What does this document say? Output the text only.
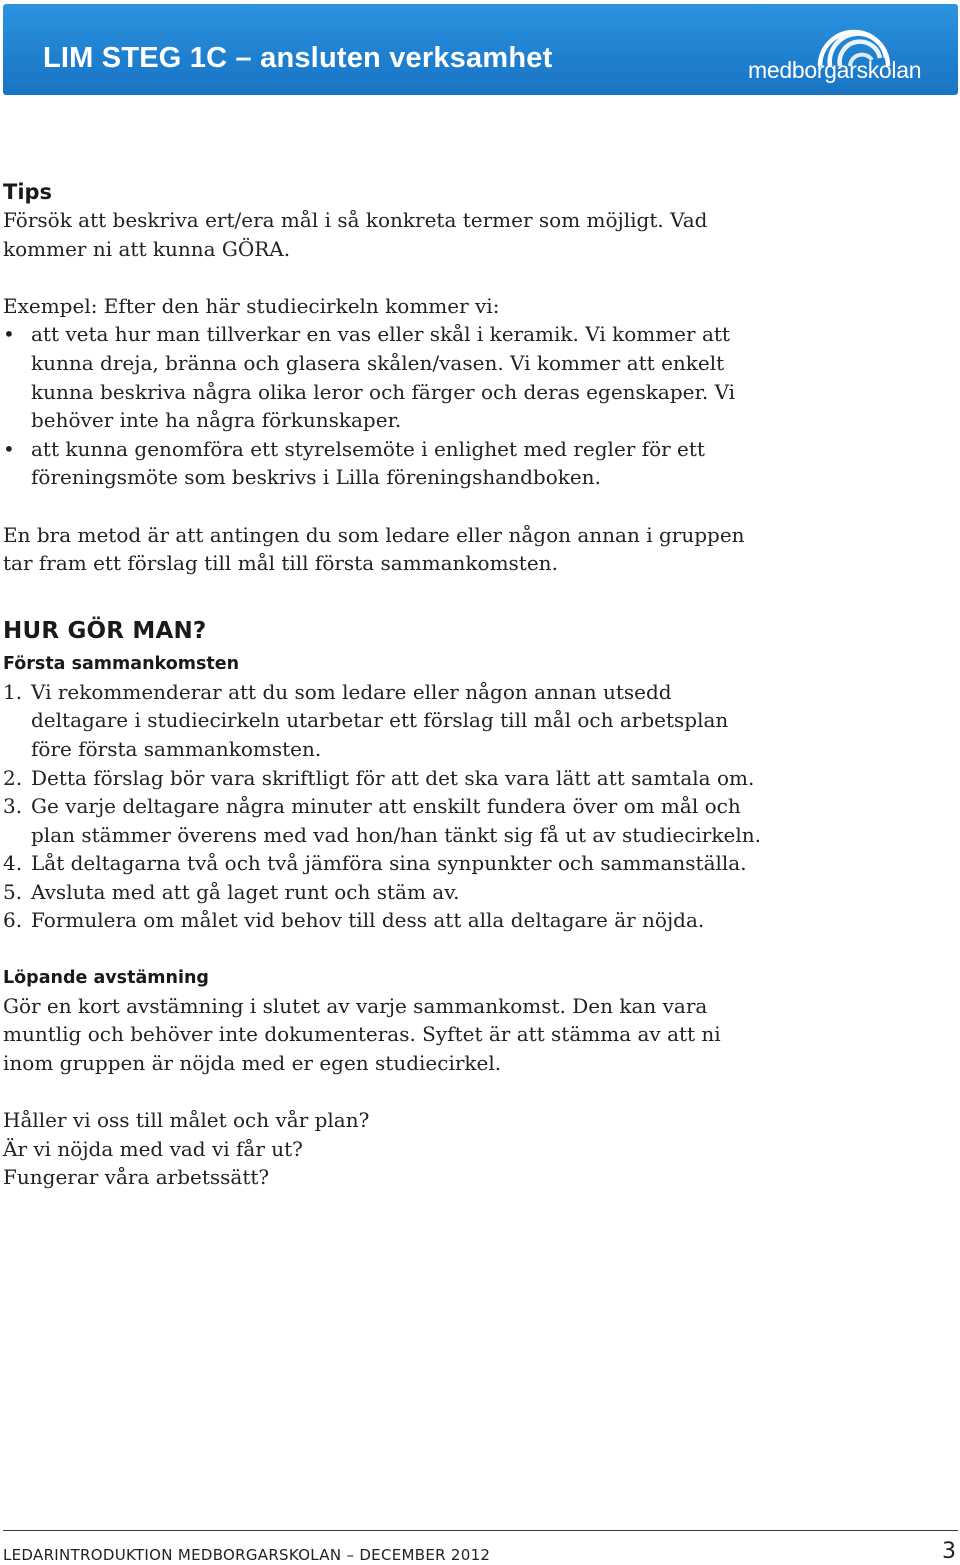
LIM STEG 1C – ansluten verksamhet	medborgarskolan
Tips

Försök att beskriva ert/era mål i så konkreta termer som möjligt. Vad kommer ni att kunna GÖRA.

Exempel: Efter den här studiecirkeln kommer vi:

• att veta hur man tillverkar en vas eller skål i keramik. Vi kommer att kunna dreja, bränna och glasera skålen/vasen. Vi kommer att enkelt kunna beskriva några olika leror och färger och deras egenskaper. Vi behöver inte ha några förkunskaper.
• att kunna genomföra ett styrelsemöte i enlighet med regler för ett föreningsmöte som beskrivs i Lilla föreningshandboken.

En bra metod är att antingen du som ledare eller någon annan i gruppen tar fram ett förslag till mål till första sammankomsten.

HUR GÖR MAN?
Första sammankomsten
1. Vi rekommenderar att du som ledare eller någon annan utsedd deltagare i studiecirkeln utarbetar ett förslag till mål och arbetsplan före första sammankomsten.
2. Detta förslag bör vara skriftligt för att det ska vara lätt att samtala om.
3. Ge varje deltagare några minuter att enskilt fundera över om mål och plan stämmer överens med vad hon/han tänkt sig få ut av studiecirkeln.
4. Låt deltagarna två och två jämföra sina synpunkter och sammanställa.
5. Avsluta med att gå laget runt och stäm av.
6. Formulera om målet vid behov till dess att alla deltagare är nöjda.
Löpande avstämning

Gör en kort avstämning i slutet av varje sammankomst. Den kan vara muntlig och behöver inte dokumenteras. Syftet är att stämma av att ni inom gruppen är nöjda med er egen studiecirkel.

Håller vi oss till målet och vår plan?

Är vi nöjda med vad vi får ut?

Fungerar våra arbetssätt?

LEDARINTRODUKTION MEDBORGARSKOLAN – DECEMBER 2012	3
